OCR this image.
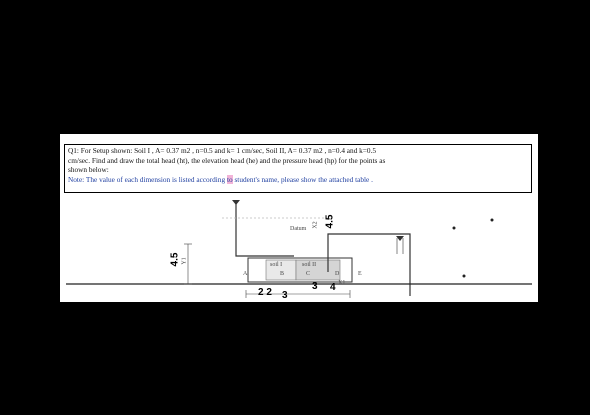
Q1: For Setup shown: Soil I , A= 0.37 m2 , n=0.5 and k= 1 cm/sec, Soil II, A= 0.37 m2 , n=0.4 and k=0.5
cm/sec. Find and draw the total head (ht), the elevation head (he) and the pressure head (hp) for the points as
shown below:
Note: The value of each dimension is listed according to student's name, please show the attached table .
Datum
soil I	soil II
A	B	C	D	E
4.5 Y1
4.5
X2
2 2 3
3 4 X1
